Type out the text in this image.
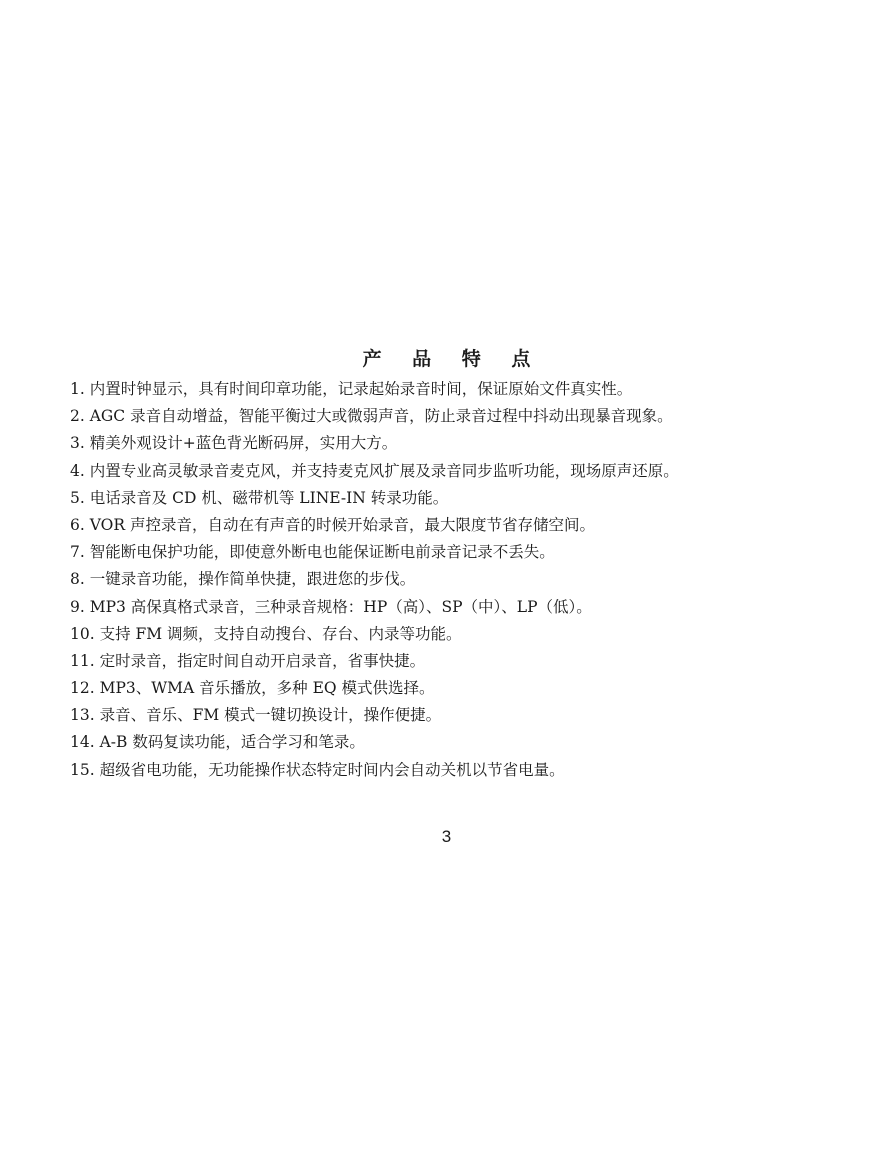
产 品 特 点
1. 内置时钟显示，具有时间印章功能，记录起始录音时间，保证原始文件真实性。
2. AGC 录音自动增益，智能平衡过大或微弱声音，防止录音过程中抖动出现暴音现象。
3. 精美外观设计+蓝色背光断码屏，实用大方。
4. 内置专业高灵敏录音麦克风，并支持麦克风扩展及录音同步监听功能，现场原声还原。
5. 电话录音及 CD 机、磁带机等 LINE-IN 转录功能。
6. VOR 声控录音，自动在有声音的时候开始录音，最大限度节省存储空间。
7. 智能断电保护功能，即使意外断电也能保证断电前录音记录不丢失。
8. 一键录音功能，操作简单快捷，跟进您的步伐。
9. MP3 高保真格式录音，三种录音规格：HP（高）、SP（中）、LP（低）。
10. 支持 FM 调频，支持自动搜台、存台、内录等功能。
11. 定时录音，指定时间自动开启录音，省事快捷。
12. MP3、WMA 音乐播放，多种 EQ 模式供选择。
13. 录音、音乐、FM 模式一键切换设计，操作便捷。
14. A-B 数码复读功能，适合学习和笔录。
15. 超级省电功能，无功能操作状态特定时间内会自动关机以节省电量。
3
